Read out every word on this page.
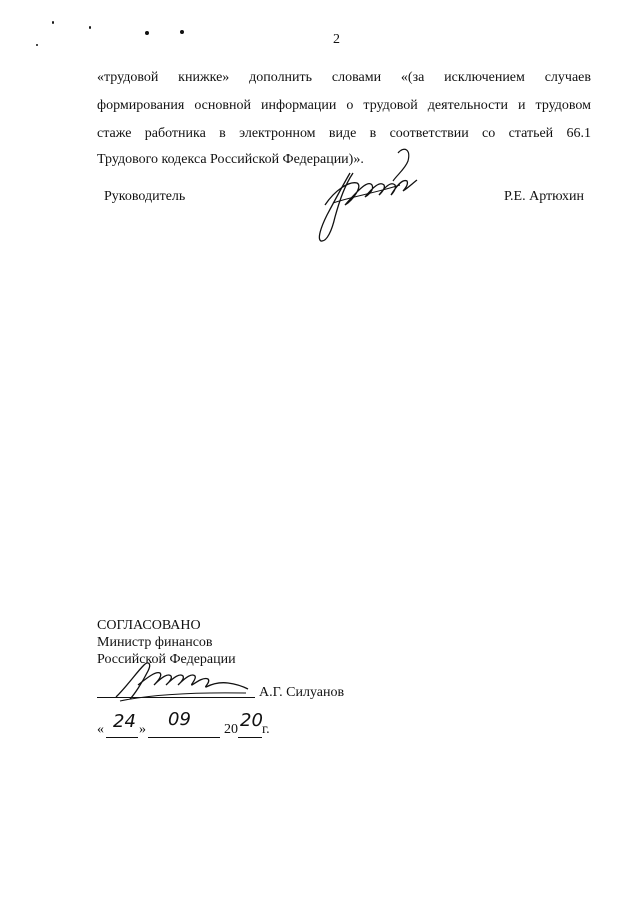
2
«трудовой книжке» дополнить словами «(за исключением случаев
формирования основной информации о трудовой деятельности и трудовом
стаже работника в электронном виде в соответствии со статьей 66.1
Трудового кодекса Российской Федерации)».
Руководитель	Р.Е. Артюхин
СОГЛАСОВАНО
Министр финансов
Российской Федерации
А.Г. Силуанов
« 24 » 09 20 20 г.
